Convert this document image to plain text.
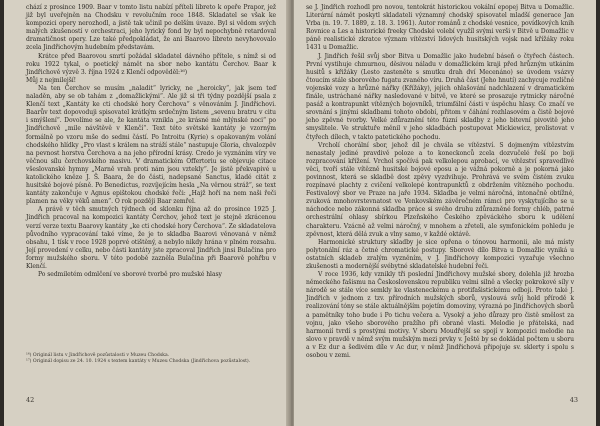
chází z prosince 1909. Baar v tomto listu nabízí příteli libreto k opeře Prapor, jež již byl uveřejněn na Chodsku v revolučním roce 1848. Skladatel se však ke kompozici opery nerozhodl, a jistě tak učinil po delším úvaze. Byl si vědom svých malých zkušeností v orchestraci, jeho lyrický fond by byl nepochybně retardoval dramatičnost opery. Lze také předpokládat, že ani Baarovo libreto nevyhovovalo zcela Jindřichovým hudebním představám.

Krátce před Baarovou smrtí požádal skladatel dávného přítele, s nímž si od roku 1922 tykal, o poetický námět na sbor nebo kantátu Čerchov. Baar k Jindřichově výzvě 3. října 1924 z Klenčí odpověděl:¹⁶)

Můj z nejmilejší!

Na ten Čerchov se musím „naladit“ lyricky, ne „heroicky“, jak jsem teď naladěn, aby se ob tahám z „domažlickými“. Ale již si tři týdny pozdější psala z Klenčí text „Kantáty ke cti chodské hory Čerchova“ s věnováním J. Jindřichovi. Baarův text dopovoduji spisovatel krátkým srdečným listem „sevenu bratru v citu i smýšlení“. Dovolíme se ale, že kantáta vznikla „ze krásné mé mlýnské noci“ po Jindřichově „mile návštěvě v Klenčí“. Text této světské kantáty je vzorným formálně po vzoru mše do sedmi částí. Po Introitu (Kyrie) s opakovaným volání chodského hlídky „Pro vlast s králem na stráží stále“ nastupuje Gloria, chvalozpěv na pevnost horstva Čerchova a na jeho přírodní krásy. Credo je vyznáním víry ve věčnou sílu čerchovského masivu. V dramatickém Offertoriu se objevuje citace všeslovanské hymny „Marně vrah proti nám jsou vztekly“. Je jistě překvapivé u katolického kněze J. Š. Baara, že do části, nadepsané Sanctus, kladé citát z husitské bojové písně. Po Benedictus, rozvíjejícím hesla „Na věrnou stráž“, se text kantáty zakončuje v Agnus epištokou chodské řeči: „Hajž hoří na nem naši řeči plamen na věky věků amen“. O rok později Baar zemřel.

A právě v těch smutných týdnech od sklonku října až do prosince 1925 J. Jindřich pracoval na kompozici kantáty Čerchov, jehož text je stejně zkrácenou verzí verze textu Baarovy kantáty „ke cti chodské hory Čerchova“. Ze skladatelova původního vypracování také víme, že je to skladba Baarovi věnovaná v němž obsahu, 1 tísk v roce 1928 poprvé otištěný, a nebylo nikdy hrána v plném rozsahu. Její provedení v celku, nebo části kantáty jste zpracoval Jindřich jinsi Bulačina pro formy mužského sboru. V této podobě zazněla Bulačina při Baarově pohřbu v Klenčí.

Po sedmiletém odmlčení ve sborové tvorbě pro mužské hlasy

¹⁶) Originál listu v Jindřichově pozůstalosti v Muzeu Chodska.

¹⁷) Originál dopisu ze 24. 10. 1924 s textem kantáty v Muzeu Chodska (Jindřichova pozůstalost).

42

se J. Jindřich rozhodl pro novou, tentokrát historickou vokální epopej Bitva u Domažlic. Literární námět poskytl skladateli významný chodský spisovatel mladší generace Jan Vrba (n. 19. 7. 1889, z. 18. 3. 1961). Autor románů z chodské vesnice, povídkových knih Rovnice a Les a historické freeky Chodské volebí využíl svými verši v Bitvě u Domažlic v páně realistické zkratce význam vítězství lidových husitských vojsk nad křížáky roku 1431 u Domažlic.

J. Jindřich řešil svůj sbor Bitva u Domažlic jako hudební báseň o čtyřech částech. První vystihuje chmurnou, děsivou náladu v domažlickém kraji před hrůzným utkáním husitů s křižáky (Lesto zasteněte s smutku drah dví Mecenáno) se úvodem vsázvy čtoucím stále sborového fugatu zvaného víru. Druhá část (Jeho hnutí) zachycuje rozličné vojenské vozy a hrůzné nářky (Křížáky), jejich ohlašování nadchlazení v dramatickém finále, ustráchané nářky nasledované v bitvě, ve které se prosazuje rytmicky náročné pasáž a kontrapunkt vítězných bojovníků, triumfální části v úspěchu hlasy. Co značí ve srovnání s jinými skladbami tohoto období, přitom v čáhání rozhlasovém a čistě bojové jeho zpěvné tvorby. Velké zdůraznění této fúzní skladby z jeho bitevní pivovitě jeho smyslitele. Ve struktuře měnil v jeho skladbách postupovat Mickiewicz, prolistovat v čtyřech dílech, v takto patetického pochodu.

Vrcholí chorální sbor, jehož díl je chvála se vítězství. S dojmeným vítězstvím nenastaly jediné pravdivě poloze a to koneckonců zcela dozvučelé řeší po boji rozpracování křížení. Vrchol spočívá pak velkolepou aprobací, ve vítězství spravedlivé věci, tvoří stále vítězně husitské bojové eposu a je vážná pokorně a je pokorná jako povinnost, která se skladbě dost zpěvy vyzdvihuje. Prohrává ve svém čistém zvuku rozpínavé plachty z cvičení velkolepé kontrapunktů z obdržením vítězného pochodu. Festivalový sbor ve Praze na jaře 1934. Skladba je velmi náročná, intonačně obtížné, zvuková mnohovrstevnatost ve Venkovském závěrečném rámci pro vyskytujícího se u náchodce nebo zákonná skladba práce si svého druhu zdůrazněné formy chléb, patrné orchestrální ohlasy sbírkou Plzeňského Českého zpěváckého sboru k udělení charakteru. Vzácně až velmi náročný, v mnohem a zřeteli, ale symfonickém pohledu je zpěvnost, která dělá zvuk a vlny samo, v každé oktávě.

Harmonické struktury skladby je sice opřena o tónovou harmonii, ale má místy polytonální ráz a četné chromatické postupy. Sborové dílo Bitva u Domažlic vyniká u ostatních skladeb zralým vyzněním, v J. Jindřichovy kompozici vyzařuje všechno zkušenosti a modernější svébytné skladatelské hudební řeči.

V roce 1936, kdy vznikly tři poslední Jindřichovy mužské sbory, dolehla již hrozba německého fašismu na Československou republiku velmi silně a všecky pokrokové síly v národě se stále více semkly ke vlasteneckému a protifašistickému odboji. Proto také J. Jindřich v jednom z tzv. přírodních mužských sborů, vyslouvá svůj hold přírodě k realizování tóny se stále aktuálnějším pojetím domoviny, výrazná po Jindřichových sborů a pamětníky toho bude i Po tichu večera a. Vysoký a jeho důrazy pro čistě smělost za vojnu, jako všeho sborového pražího při obraně vlasti. Melodie je přátelská, nad harmonií tvrdí s prostými motivy. V sboru Moudřejší se spojí v kompozici melodie na slovo v pravdě v němž svým mužským mezi prvky v. Ještě by se dokládal počtem u sboru a v Ez dur a šedivém díle v Ac dur, v němž Jindřichová připojuje sv. sklerty i spolu s osobou v zemi.

43
